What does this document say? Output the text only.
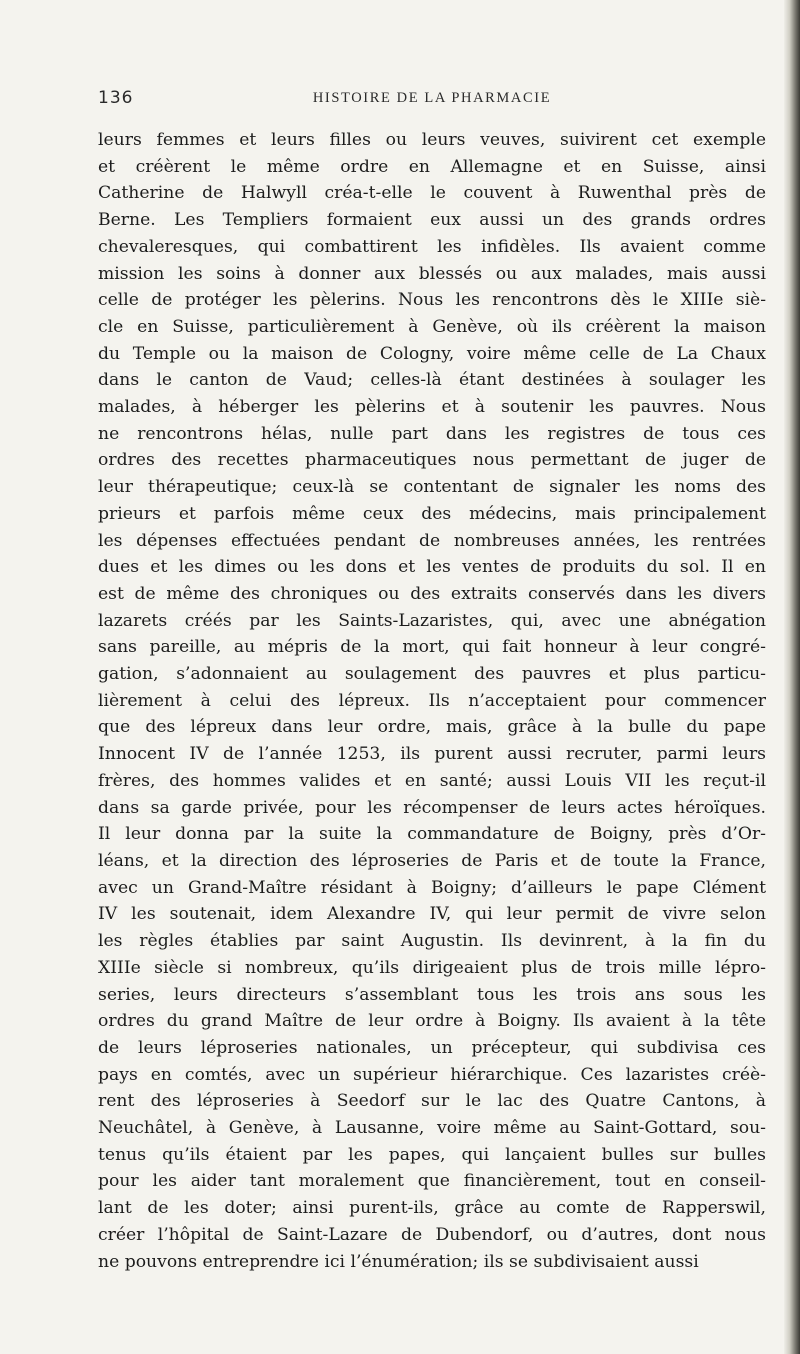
136	HISTOIRE DE LA PHARMACIE
leurs femmes et leurs filles ou leurs veuves, suivirent cet exemple
et créèrent le même ordre en Allemagne et en Suisse, ainsi
Catherine de Halwyll créa-t-elle le couvent à Ruwenthal près de
Berne. Les Templiers formaient eux aussi un des grands ordres
chevaleresques, qui combattirent les infidèles. Ils avaient comme
mission les soins à donner aux blessés ou aux malades, mais aussi
celle de protéger les pèlerins. Nous les rencontrons dès le XIIIe siè-
cle en Suisse, particulièrement à Genève, où ils créèrent la maison
du Temple ou la maison de Cologny, voire même celle de La Chaux
dans le canton de Vaud; celles-là étant destinées à soulager les
malades, à héberger les pèlerins et à soutenir les pauvres. Nous
ne rencontrons hélas, nulle part dans les registres de tous ces
ordres des recettes pharmaceutiques nous permettant de juger de
leur thérapeutique; ceux-là se contentant de signaler les noms des
prieurs et parfois même ceux des médecins, mais principalement
les dépenses effectuées pendant de nombreuses années, les rentrées
dues et les dimes ou les dons et les ventes de produits du sol. Il en
est de même des chroniques ou des extraits conservés dans les divers
lazarets créés par les Saints-Lazaristes, qui, avec une abnégation
sans pareille, au mépris de la mort, qui fait honneur à leur congré-
gation, s’adonnaient au soulagement des pauvres et plus particu-
lièrement à celui des lépreux. Ils n’acceptaient pour commencer
que des lépreux dans leur ordre, mais, grâce à la bulle du pape
Innocent IV de l’année 1253, ils purent aussi recruter, parmi leurs
frères, des hommes valides et en santé; aussi Louis VII les reçut-il
dans sa garde privée, pour les récompenser de leurs actes héroïques.
Il leur donna par la suite la commandature de Boigny, près d’Or-
léans, et la direction des léproseries de Paris et de toute la France,
avec un Grand-Maître résidant à Boigny; d’ailleurs le pape Clément
IV les soutenait, idem Alexandre IV, qui leur permit de vivre selon
les règles établies par saint Augustin. Ils devinrent, à la fin du
XIIIe siècle si nombreux, qu’ils dirigeaient plus de trois mille lépro-
series, leurs directeurs s’assemblant tous les trois ans sous les
ordres du grand Maître de leur ordre à Boigny. Ils avaient à la tête
de leurs léproseries nationales, un précepteur, qui subdivisa ces
pays en comtés, avec un supérieur hiérarchique. Ces lazaristes créè-
rent des léproseries à Seedorf sur le lac des Quatre Cantons, à
Neuchâtel, à Genève, à Lausanne, voire même au Saint-Gottard, sou-
tenus qu’ils étaient par les papes, qui lançaient bulles sur bulles
pour les aider tant moralement que financièrement, tout en conseil-
lant de les doter; ainsi purent-ils, grâce au comte de Rapperswil,
créer l’hôpital de Saint-Lazare de Dubendorf, ou d’autres, dont nous
ne pouvons entreprendre ici l’énumération; ils se subdivisaient aussi
